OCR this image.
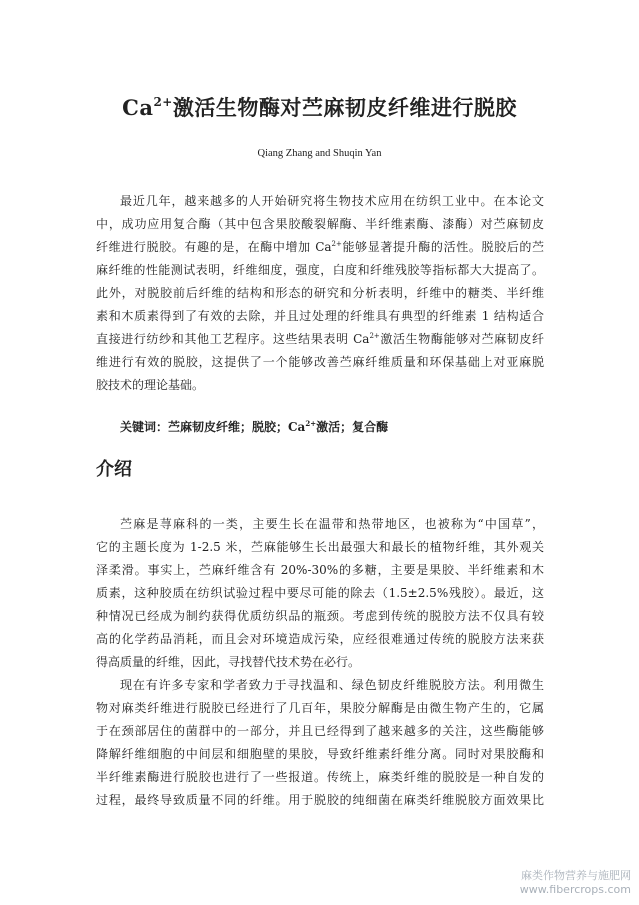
$Ca^{2+}$激活生物酶对苎麻韧皮纤维进行脱胶
Qiang Zhang and Shuqin Yan
最近几年，越来越多的人开始研究将生物技术应用在纺织工业中。在本论文
中，成功应用复合酶（其中包含果胶酸裂解酶、半纤维素酶、漆酶）对苎麻韧皮
纤维进行脱胶。有趣的是，在酶中增加 $Ca^{2+}$能够显著提升酶的活性。脱胶后的苎
麻纤维的性能测试表明，纤维细度，强度，白度和纤维残胶等指标都大大提高了。
此外，对脱胶前后纤维的结构和形态的研究和分析表明，纤维中的糖类、半纤维
素和木质素得到了有效的去除，并且过处理的纤维具有典型的纤维素 1 结构适合
直接进行纺纱和其他工艺程序。这些结果表明 $Ca^{2+}$激活生物酶能够对苎麻韧皮纤
维进行有效的脱胶，这提供了一个能够改善苎麻纤维质量和环保基础上对亚麻脱
胶技术的理论基础。
关键词：苎麻韧皮纤维；脱胶；$Ca^{2+}$激活；复合酶
介绍
苎麻是荨麻科的一类，主要生长在温带和热带地区，也被称为“中国草”，
它的主题长度为 1-2.5 米，苎麻能够生长出最强大和最长的植物纤维，其外观关
泽柔滑。事实上，苎麻纤维含有 20%-30%的多糖，主要是果胶、半纤维素和木
质素，这种胶质在纺织试验过程中要尽可能的除去（1.5±2.5%残胶）。最近，这
种情况已经成为制约获得优质纺织品的瓶颈。考虑到传统的脱胶方法不仅具有较
高的化学药品消耗，而且会对环境造成污染，应经很难通过传统的脱胶方法来获
得高质量的纤维，因此，寻找替代技术势在必行。
现在有许多专家和学者致力于寻找温和、绿色韧皮纤维脱胶方法。利用微生
物对麻类纤维进行脱胶已经进行了几百年，果胶分解酶是由微生物产生的，它属
于在颈部居住的菌群中的一部分，并且已经得到了越来越多的关注，这些酶能够
降解纤维细胞的中间层和细胞壁的果胶，导致纤维素纤维分离。同时对果胶酶和
半纤维素酶进行脱胶也进行了一些报道。传统上，麻类纤维的脱胶是一种自发的
过程，最终导致质量不同的纤维。用于脱胶的纯细菌在麻类纤维脱胶方面效果比
麻类作物营养与施肥网
www.fibercrops.com
